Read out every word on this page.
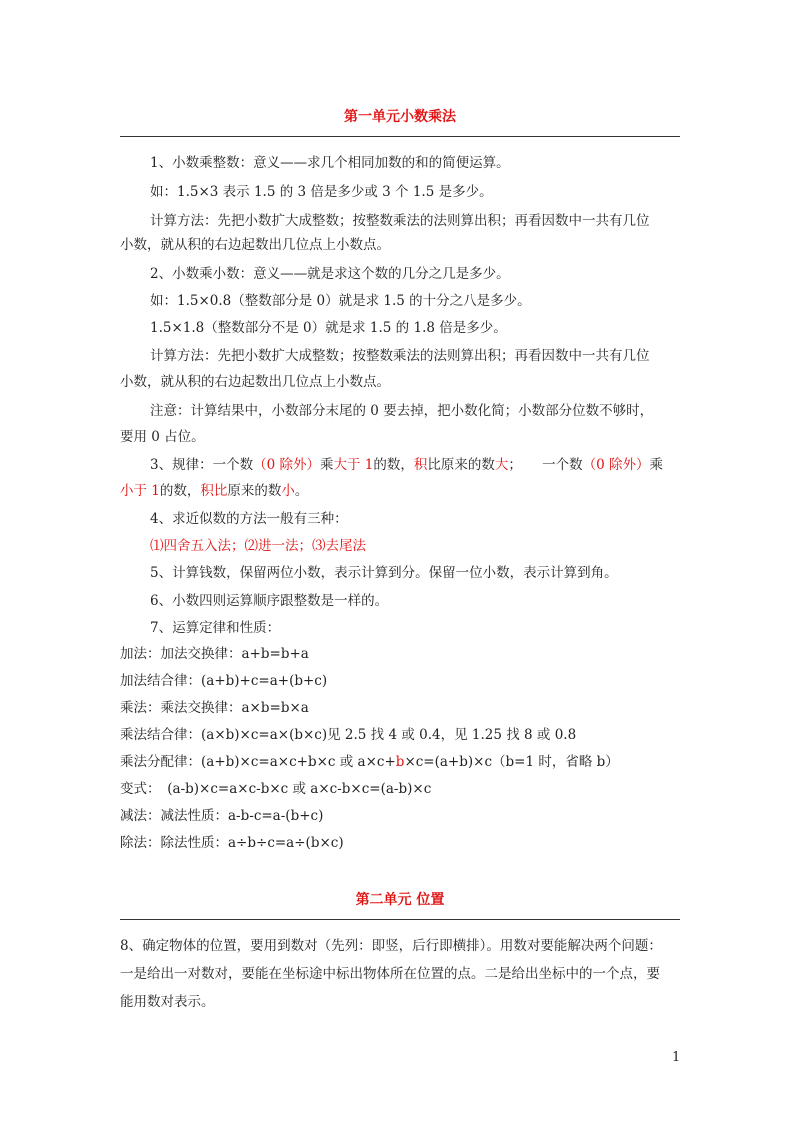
第一单元小数乘法
1、小数乘整数：意义——求几个相同加数的和的简便运算。
如：1.5×3 表示 1.5 的 3 倍是多少或 3 个 1.5 是多少。
计算方法：先把小数扩大成整数；按整数乘法的法则算出积；再看因数中一共有几位
小数，就从积的右边起数出几位点上小数点。
2、小数乘小数：意义——就是求这个数的几分之几是多少。
如：1.5×0.8（整数部分是 0）就是求 1.5 的十分之八是多少。
1.5×1.8（整数部分不是 0）就是求 1.5 的 1.8 倍是多少。
计算方法：先把小数扩大成整数；按整数乘法的法则算出积；再看因数中一共有几位
小数，就从积的右边起数出几位点上小数点。
注意：计算结果中，小数部分末尾的 0 要去掉，把小数化简；小数部分位数不够时，
要用 0 占位。
3、规律：一个数（0 除外）乘大于 1的数，积比原来的数大；　　一个数（0 除外）乘
小于 1的数，积比原来的数小。
4、求近似数的方法一般有三种：
⑴四舍五入法；⑵进一法；⑶去尾法
5、计算钱数，保留两位小数，表示计算到分。保留一位小数，表示计算到角。
6、小数四则运算顺序跟整数是一样的。
7、运算定律和性质：
加法：加法交换律：a+b=b+a
加法结合律：(a+b)+c=a+(b+c)
乘法：乘法交换律：a×b=b×a
乘法结合律：(a×b)×c=a×(b×c)见 2.5 找 4 或 0.4，见 1.25 找 8 或 0.8
乘法分配律：(a+b)×c=a×c+b×c 或 a×c+b×c=(a+b)×c（b=1 时，省略 b）
变式：　(a-b)×c=a×c-b×c 或 a×c-b×c=(a-b)×c
减法：减法性质：a-b-c=a-(b+c)
除法：除法性质：a÷b÷c=a÷(b×c)
第二单元 位置
8、确定物体的位置，要用到数对（先列：即竖，后行即横排）。用数对要能解决两个问题：
一是给出一对数对，要能在坐标途中标出物体所在位置的点。二是给出坐标中的一个点，要
能用数对表示。
1
